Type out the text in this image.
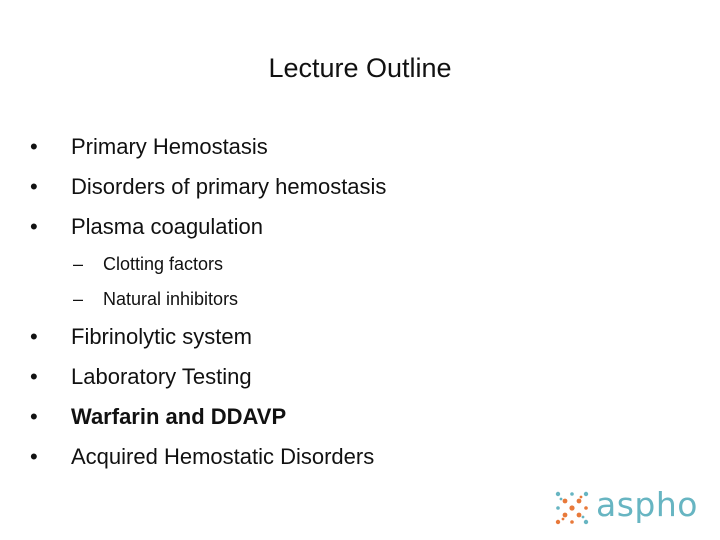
Lecture Outline
• Primary Hemostasis
• Disorders of primary hemostasis
• Plasma coagulation
– Clotting factors
– Natural inhibitors
• Fibrinolytic system
• Laboratory Testing
• Warfarin and DDAVP
• Acquired Hemostatic Disorders
aspho
